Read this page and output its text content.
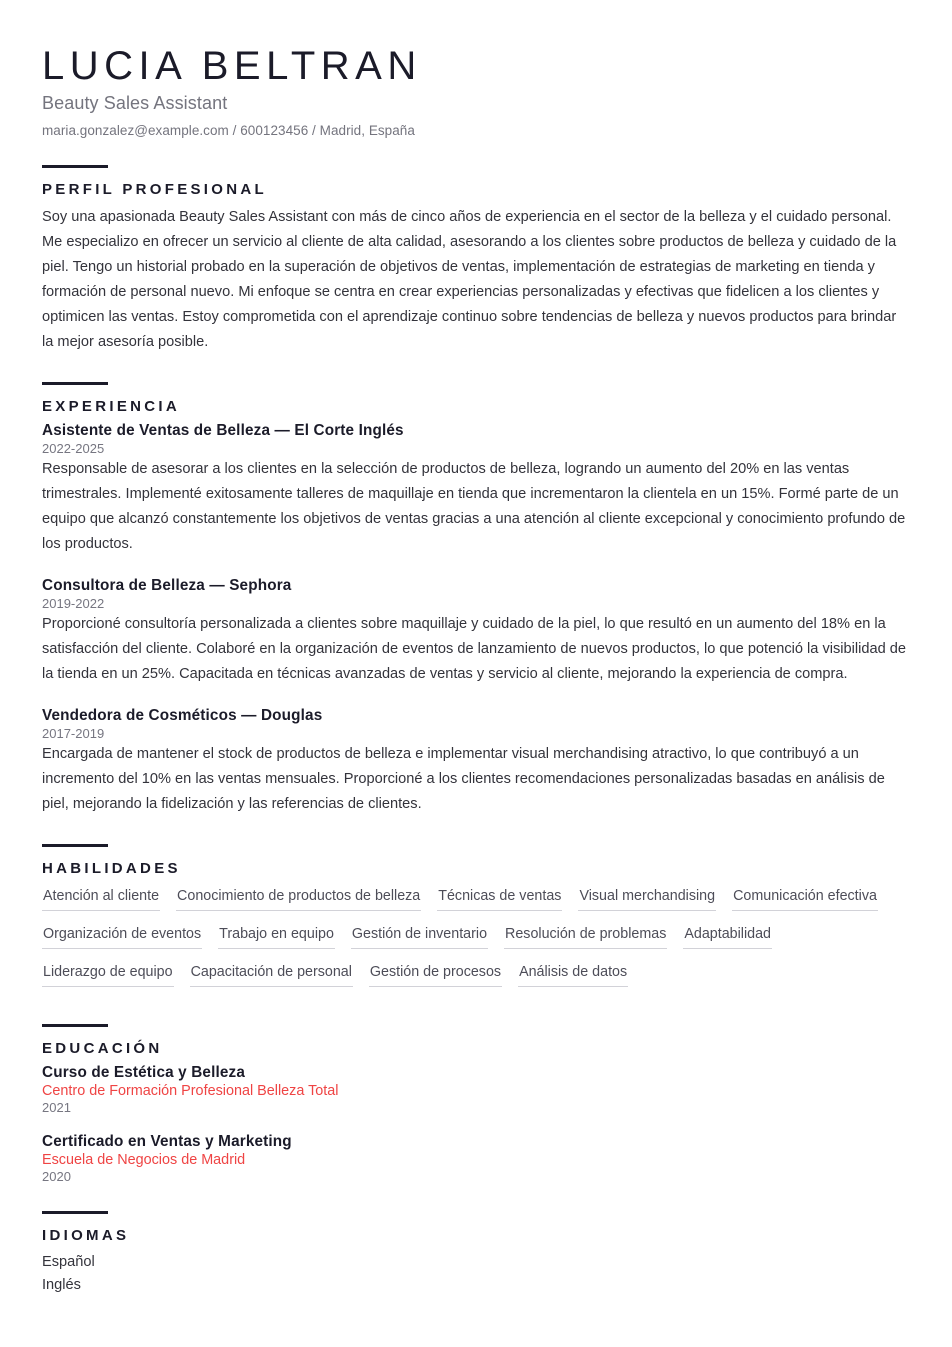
LUCIA BELTRAN
Beauty Sales Assistant
maria.gonzalez@example.com / 600123456 / Madrid, España
PERFIL PROFESIONAL

Soy una apasionada Beauty Sales Assistant con más de cinco años de experiencia en el sector de la belleza y el cuidado personal. Me especializo en ofrecer un servicio al cliente de alta calidad, asesorando a los clientes sobre productos de belleza y cuidado de la piel. Tengo un historial probado en la superación de objetivos de ventas, implementación de estrategias de marketing en tienda y formación de personal nuevo. Mi enfoque se centra en crear experiencias personalizadas y efectivas que fidelicen a los clientes y optimicen las ventas. Estoy comprometida con el aprendizaje continuo sobre tendencias de belleza y nuevos productos para brindar la mejor asesoría posible.

EXPERIENCIA
Asistente de Ventas de Belleza — El Corte Inglés
2022-2025

Responsable de asesorar a los clientes en la selección de productos de belleza, logrando un aumento del 20% en las ventas trimestrales. Implementé exitosamente talleres de maquillaje en tienda que incrementaron la clientela en un 15%. Formé parte de un equipo que alcanzó constantemente los objetivos de ventas gracias a una atención al cliente excepcional y conocimiento profundo de los productos.

Consultora de Belleza — Sephora
2019-2022

Proporcioné consultoría personalizada a clientes sobre maquillaje y cuidado de la piel, lo que resultó en un aumento del 18% en la satisfacción del cliente. Colaboré en la organización de eventos de lanzamiento de nuevos productos, lo que potenció la visibilidad de la tienda en un 25%. Capacitada en técnicas avanzadas de ventas y servicio al cliente, mejorando la experiencia de compra.

Vendedora de Cosméticos — Douglas
2017-2019

Encargada de mantener el stock de productos de belleza e implementar visual merchandising atractivo, lo que contribuyó a un incremento del 10% en las ventas mensuales. Proporcioné a los clientes recomendaciones personalizadas basadas en análisis de piel, mejorando la fidelización y las referencias de clientes.

HABILIDADES
Atención al cliente Conocimiento de productos de belleza Técnicas de ventas Visual merchandising Comunicación efectiva
Organización de eventos Trabajo en equipo Gestión de inventario Resolución de problemas Adaptabilidad
Liderazgo de equipo Capacitación de personal Gestión de procesos Análisis de datos
EDUCACIÓN
Curso de Estética y Belleza
Centro de Formación Profesional Belleza Total
2021
Certificado en Ventas y Marketing
Escuela de Negocios de Madrid
2020
IDIOMAS
Español
Inglés
